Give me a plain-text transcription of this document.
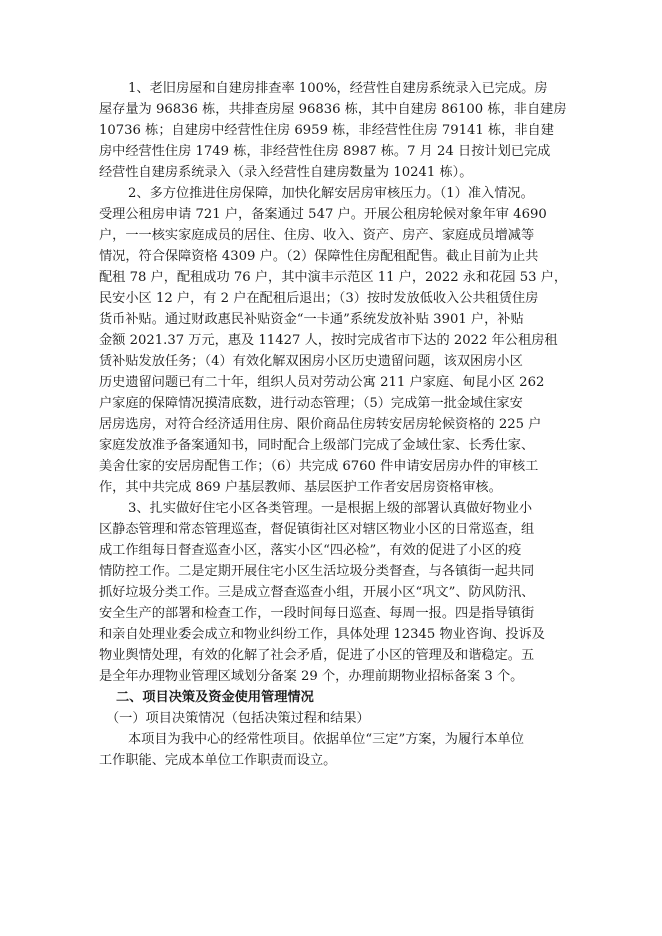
1、老旧房屋和自建房排查率 100%，经营性自建房系统录入已完成。房
屋存量为 96836 栋，共排查房屋 96836 栋，其中自建房 86100 栋，非自建房
10736 栋；自建房中经营性住房 6959 栋，非经营性住房 79141 栋，非自建
房中经营性住房 1749 栋，非经营性住房 8987 栋。7 月 24 日按计划已完成
经营性自建房系统录入（录入经营性自建房数量为 10241 栋）。
2、多方位推进住房保障，加快化解安居房审核压力。（1）准入情况。
受理公租房申请 721 户，备案通过 547 户。开展公租房轮候对象年审 4690
户，一一核实家庭成员的居住、住房、收入、资产、房产、家庭成员增减等
情况，符合保障资格 4309 户。（2）保障性住房配租配售。截止目前为止共
配租 78 户，配租成功 76 户，其中演丰示范区 11 户，2022 永和花园 53 户，
民安小区 12 户，有 2 户在配租后退出；（3）按时发放低收入公共租赁住房
货币补贴。通过财政惠民补贴资金“一卡通”系统发放补贴 3901 户，补贴
金额 2021.37 万元，惠及 11427 人，按时完成省市下达的 2022 年公租房租
赁补贴发放任务；（4）有效化解双困房小区历史遗留问题，该双困房小区
历史遗留问题已有二十年，组织人员对劳动公寓 211 户家庭、甸昆小区 262
户家庭的保障情况摸清底数，进行动态管理；（5）完成第一批金域住家安
居房选房，对符合经济适用住房、限价商品住房转安居房轮候资格的 225 户
家庭发放准予备案通知书，同时配合上级部门完成了金域仕家、长秀仕家、
美舍仕家的安居房配售工作；（6）共完成 6760 件申请安居房办件的审核工
作，其中共完成 869 户基层教师、基层医护工作者安居房资格审核。
3、扎实做好住宅小区各类管理。一是根据上级的部署认真做好物业小
区静态管理和常态管理巡查，督促镇街社区对辖区物业小区的日常巡查，组
成工作组每日督查巡查小区，落实小区“四必检”，有效的促进了小区的疫
情防控工作。二是定期开展住宅小区生活垃圾分类督查，与各镇街一起共同
抓好垃圾分类工作。三是成立督查巡查小组，开展小区“巩文”、防风防汛、
安全生产的部署和检查工作，一段时间每日巡查、每周一报。四是指导镇街
和亲自处理业委会成立和物业纠纷工作，具体处理 12345 物业咨询、投诉及
物业舆情处理，有效的化解了社会矛盾，促进了小区的管理及和谐稳定。五
是全年办理物业管理区域划分备案 29 个，办理前期物业招标备案 3 个。
二、项目决策及资金使用管理情况
（一）项目决策情况（包括决策过程和结果）
本项目为我中心的经常性项目。依据单位“三定”方案，为履行本单位
工作职能、完成本单位工作职责而设立。
